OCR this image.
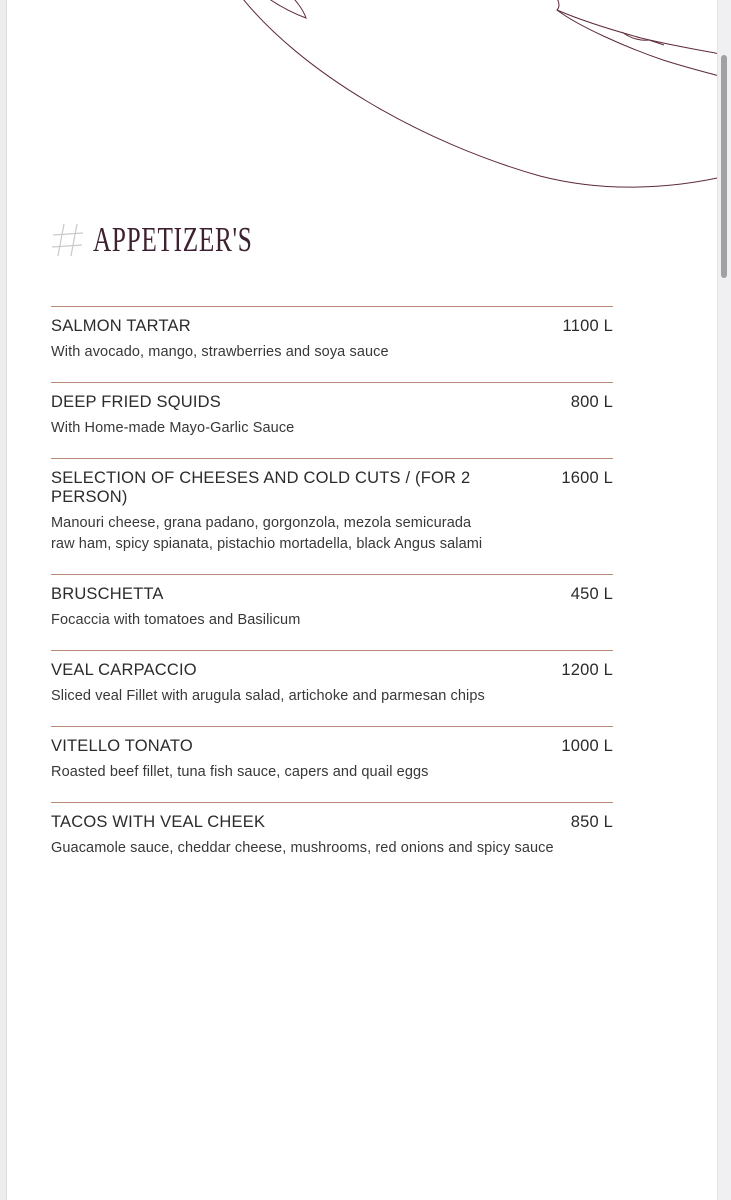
APPETIZER'S
SALMON TARTAR	1100 L
With avocado, mango, strawberries and soya sauce
DEEP FRIED SQUIDS	800 L
With Home-made Mayo-Garlic Sauce
SELECTION OF CHEESES AND COLD CUTS / (FOR 2 PERSON)
1600 L
Manouri cheese, grana padano, gorgonzola, mezola semicurada
raw ham, spicy spianata, pistachio mortadella, black Angus salami
BRUSCHETTA	450 L
Focaccia with tomatoes and Basilicum
VEAL CARPACCIO	1200 L
Sliced veal Fillet with arugula salad, artichoke and parmesan chips
VITELLO TONATO	1000 L
Roasted beef fillet, tuna fish sauce, capers and quail eggs
TACOS WITH VEAL CHEEK	850 L
Guacamole sauce, cheddar cheese, mushrooms, red onions and spicy sauce
